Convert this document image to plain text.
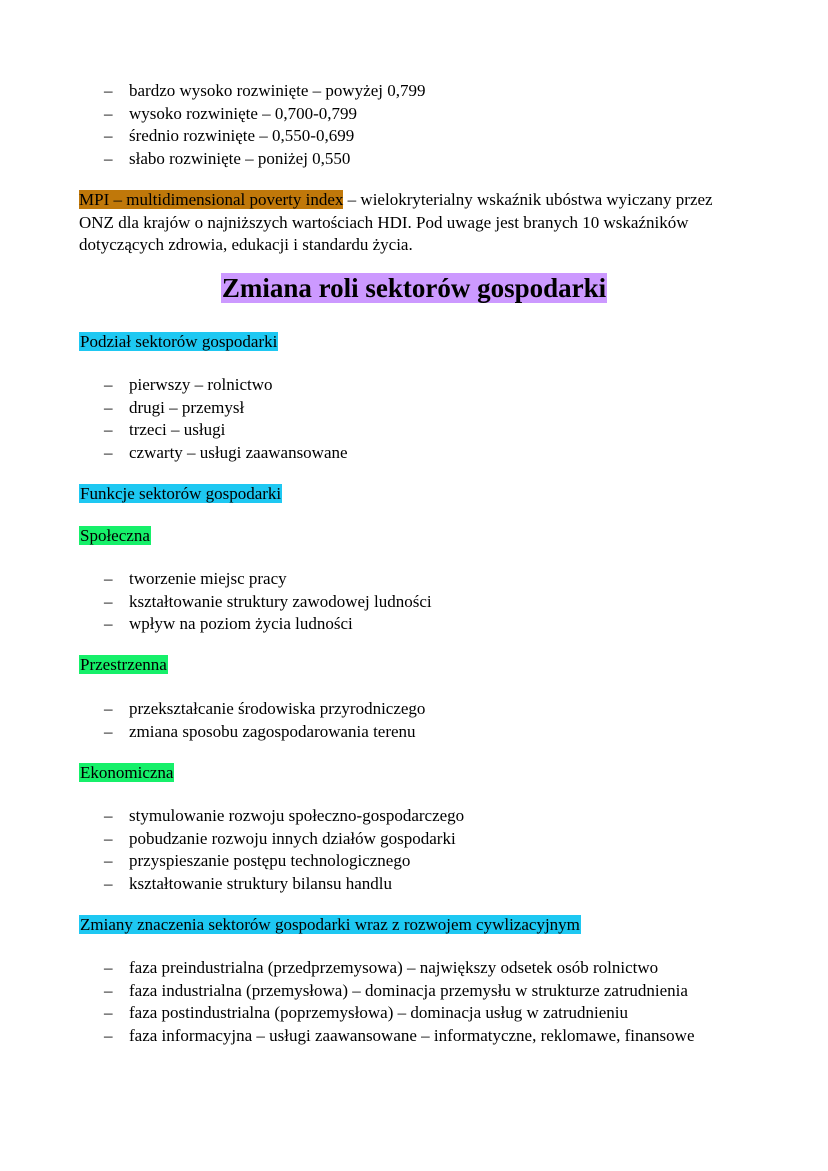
– bardzo wysoko rozwinięte – powyżej 0,799
– wysoko rozwinięte – 0,700-0,799
– średnio rozwinięte – 0,550-0,699
– słabo rozwinięte – poniżej 0,550

MPI – multidimensional poverty index – wielokryterialny wskaźnik ubóstwa wyiczany przez ONZ dla krajów o najniższych wartościach HDI. Pod uwage jest branych 10 wskaźników dotyczących zdrowia, edukacji i standardu życia.

Zmiana roli sektorów gospodarki

Podział sektorów gospodarki

– pierwszy – rolnictwo
– drugi – przemysł
– trzeci – usługi
– czwarty – usługi zaawansowane

Funkcje sektorów gospodarki

Społeczna

– tworzenie miejsc pracy
– kształtowanie struktury zawodowej ludności
– wpływ na poziom życia ludności

Przestrzenna

– przekształcanie środowiska przyrodniczego
– zmiana sposobu zagospodarowania terenu

Ekonomiczna

– stymulowanie rozwoju społeczno-gospodarczego
– pobudzanie rozwoju innych działów gospodarki
– przyspieszanie postępu technologicznego
– kształtowanie struktury bilansu handlu

Zmiany znaczenia sektorów gospodarki wraz z rozwojem cywlizacyjnym

– faza preindustrialna (przedprzemysowa) – największy odsetek osób rolnictwo
– faza industrialna (przemysłowa) – dominacja przemysłu w strukturze zatrudnienia
– faza postindustrialna (poprzemysłowa) – dominacja usług w zatrudnieniu
– faza informacyjna – usługi zaawansowane – informatyczne, reklomawe, finansowe
